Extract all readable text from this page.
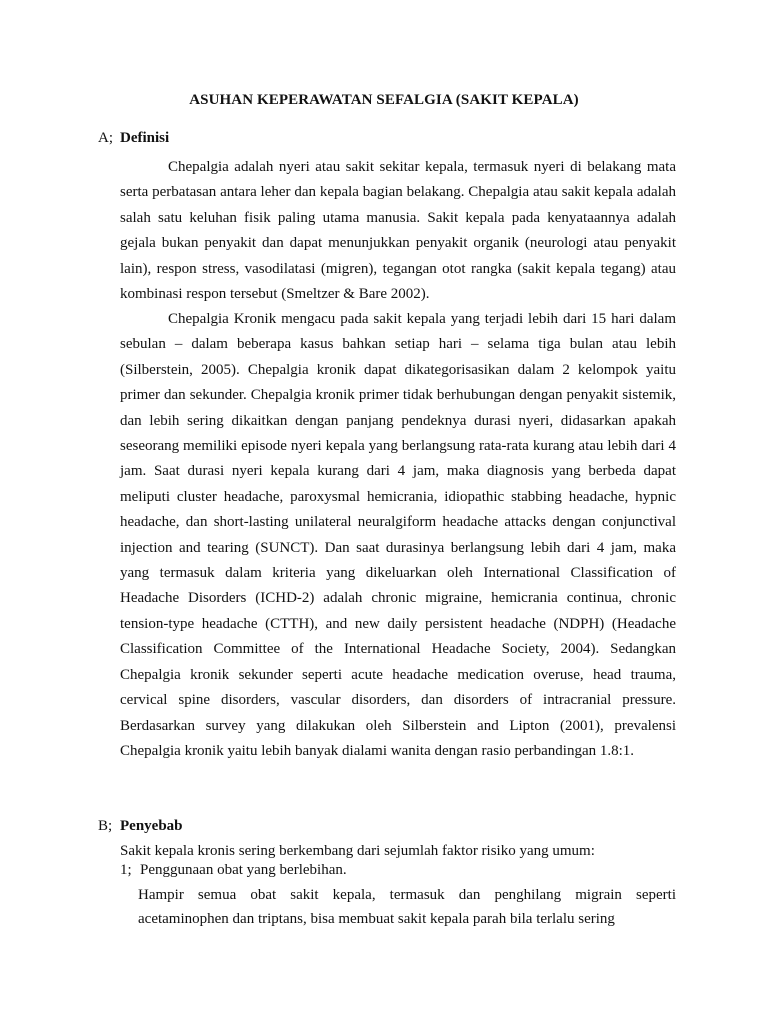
ASUHAN KEPERAWATAN SEFALGIA (SAKIT KEPALA)
A; Definisi
Chepalgia adalah nyeri atau sakit sekitar kepala, termasuk nyeri di belakang mata serta perbatasan antara leher dan kepala bagian belakang. Chepalgia atau sakit kepala adalah salah satu keluhan fisik paling utama manusia. Sakit kepala pada kenyataannya adalah gejala bukan penyakit dan dapat menunjukkan penyakit organik (neurologi atau penyakit lain), respon stress, vasodilatasi (migren), tegangan otot rangka (sakit kepala tegang) atau kombinasi respon tersebut (Smeltzer & Bare 2002).
Chepalgia Kronik mengacu pada sakit kepala yang terjadi lebih dari 15 hari dalam sebulan – dalam beberapa kasus bahkan setiap hari – selama tiga bulan atau lebih (Silberstein, 2005). Chepalgia kronik dapat dikategorisasikan dalam 2 kelompok yaitu primer dan sekunder. Chepalgia kronik primer tidak berhubungan dengan penyakit sistemik, dan lebih sering dikaitkan dengan panjang pendeknya durasi nyeri, didasarkan apakah seseorang memiliki episode nyeri kepala yang berlangsung rata-rata kurang atau lebih dari 4 jam. Saat durasi nyeri kepala kurang dari 4 jam, maka diagnosis yang berbeda dapat meliputi cluster headache, paroxysmal hemicrania, idiopathic stabbing headache, hypnic headache, dan short-lasting unilateral neuralgiform headache attacks dengan conjunctival injection and tearing (SUNCT). Dan saat durasinya berlangsung lebih dari 4 jam, maka yang termasuk dalam kriteria yang dikeluarkan oleh International Classification of Headache Disorders (ICHD-2) adalah chronic migraine, hemicrania continua, chronic tension-type headache (CTTH), and new daily persistent headache (NDPH) (Headache Classification Committee of the International Headache Society, 2004). Sedangkan Chepalgia kronik sekunder seperti acute headache medication overuse, head trauma, cervical spine disorders, vascular disorders, dan disorders of intracranial pressure. Berdasarkan survey yang dilakukan oleh Silberstein and Lipton (2001), prevalensi Chepalgia kronik yaitu lebih banyak dialami wanita dengan rasio perbandingan 1.8:1.
B; Penyebab
Sakit kepala kronis sering berkembang dari sejumlah faktor risiko yang umum:
1; Penggunaan obat yang berlebihan.
Hampir semua obat sakit kepala, termasuk dan penghilang migrain seperti acetaminophen dan triptans, bisa membuat sakit kepala parah bila terlalu sering
